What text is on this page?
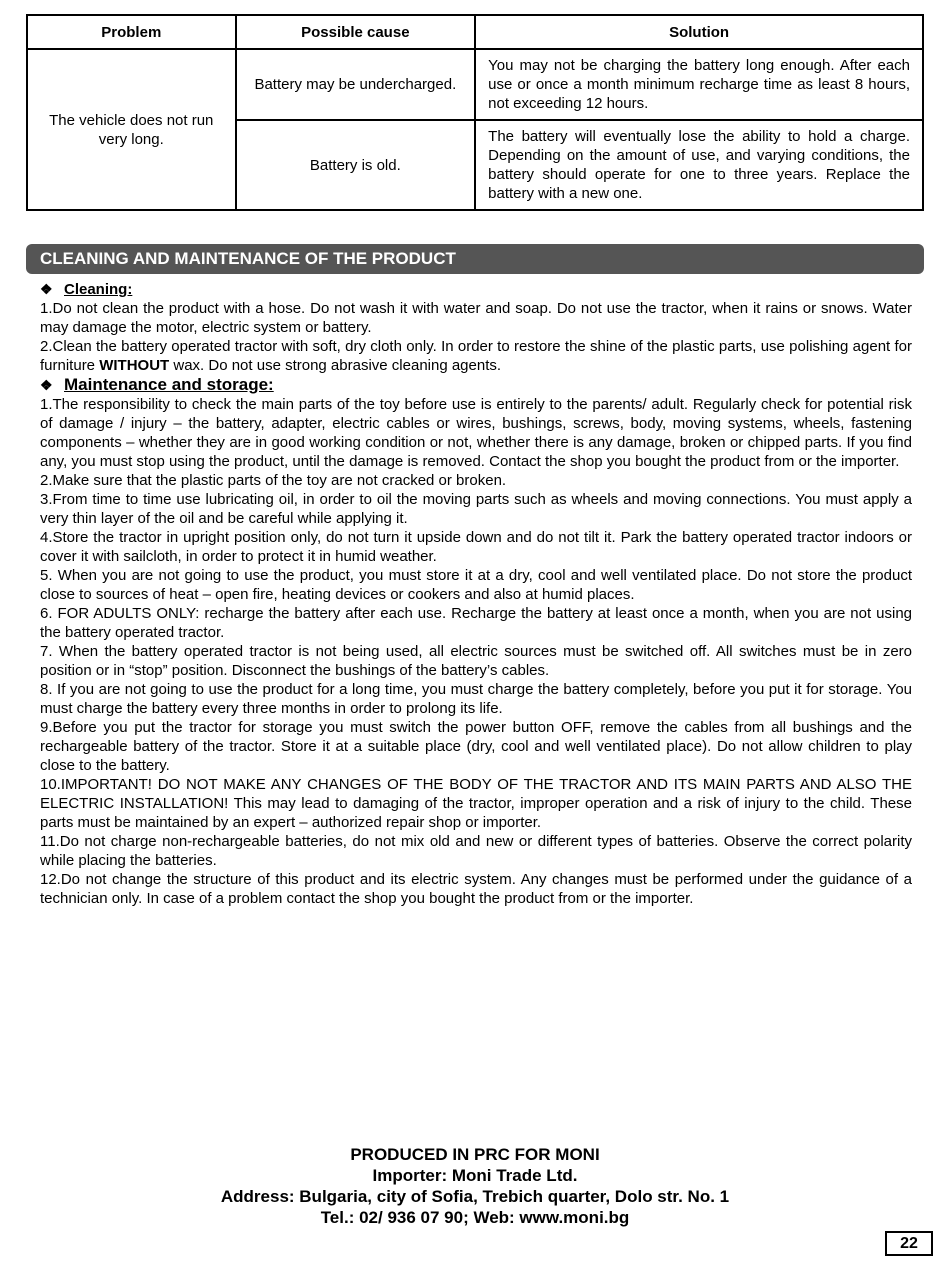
Problem	Possible cause	Solution
The vehicle does not run very long.	Battery may be undercharged.	You may not be charging the battery long enough. After each use or once a month minimum recharge time as least 8 hours, not exceeding 12 hours.
	Battery is old.	The battery will eventually lose the ability to hold a charge. Depending on the amount of use, and varying conditions, the battery should operate for one to three years. Replace the battery with a new one.
CLEANING AND MAINTENANCE OF THE PRODUCT
❖ Cleaning:

1.Do not clean the product with a hose. Do not wash it with water and soap. Do not use the tractor, when it rains or snows. Water may damage the motor, electric system or battery.

2.Clean the battery operated tractor with soft, dry cloth only. In order to restore the shine of the plastic parts, use polishing agent for furniture WITHOUT wax. Do not use strong abrasive cleaning agents.

❖ Maintenance and storage:

1.The responsibility to check the main parts of the toy before use is entirely to the parents/ adult. Regularly check for potential risk of damage / injury – the battery, adapter, electric cables or wires, bushings, screws, body, moving systems, wheels, fastening components – whether they are in good working condition or not, whether there is any damage, broken or chipped parts. If you find any, you must stop using the product, until the damage is removed. Contact the shop you bought the product from or the importer.

2.Make sure that the plastic parts of the toy are not cracked or broken.

3.From time to time use lubricating oil, in order to oil the moving parts such as wheels and moving connections. You must apply a very thin layer of the oil and be careful while applying it.

4.Store the tractor in upright position only, do not turn it upside down and do not tilt it. Park the battery operated tractor indoors or cover it with sailcloth, in order to protect it in humid weather.

5. When you are not going to use the product, you must store it at a dry, cool and well ventilated place. Do not store the product close to sources of heat – open fire, heating devices or cookers and also at humid places.

6. FOR ADULTS ONLY: recharge the battery after each use. Recharge the battery at least once a month, when you are not using the battery operated tractor.

7. When the battery operated tractor is not being used, all electric sources must be switched off. All switches must be in zero position or in “stop” position. Disconnect the bushings of the battery’s cables.

8. If you are not going to use the product for a long time, you must charge the battery completely, before you put it for storage. You must charge the battery every three months in order to prolong its life.

9.Before you put the tractor for storage you must switch the power button OFF, remove the cables from all bushings and the rechargeable battery of the tractor. Store it at a suitable place (dry, cool and well ventilated place). Do not allow children to play close to the battery.

10.IMPORTANT! DO NOT MAKE ANY CHANGES OF THE BODY OF THE TRACTOR AND ITS MAIN PARTS AND ALSO THE ELECTRIC INSTALLATION! This may lead to damaging of the tractor, improper operation and a risk of injury to the child. These parts must be maintained by an expert – authorized repair shop or importer.

11.Do not charge non-rechargeable batteries, do not mix old and new or different types of batteries. Observe the correct polarity while placing the batteries.

12.Do not change the structure of this product and its electric system. Any changes must be performed under the guidance of a technician only. In case of a problem contact the shop you bought the product from or the importer.

PRODUCED IN PRC FOR MONI
Importer: Moni Trade Ltd.
Address: Bulgaria, city of Sofia, Trebich quarter, Dolo str. No. 1
Tel.: 02/ 936 07 90; Web: www.moni.bg
22
